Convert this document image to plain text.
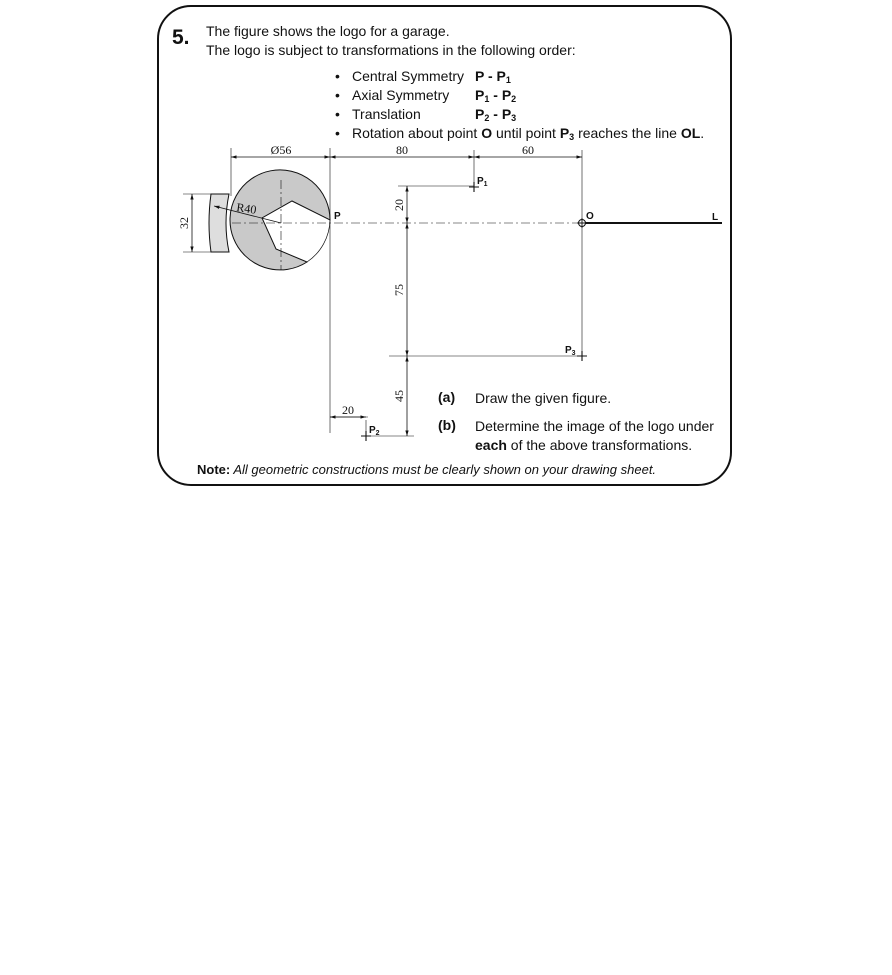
5. The figure shows the logo for a garage.
The logo is subject to transformations in the following order:
• Central Symmetry P - $P_1$
• Axial Symmetry $P_1 - P_2$
• Translation	$P_2 - P_3$
• Rotation about point O until point $P_3$ reaches the line OL.
Ø56	80	60
R40
32
20
75
45
20
P
$P_1$
$P_3$
$P_2$
O	L
(a) Draw the given figure.
(b) Determine the image of the logo under
each of the above transformations.
Note: All geometric constructions must be clearly shown on your drawing sheet.
